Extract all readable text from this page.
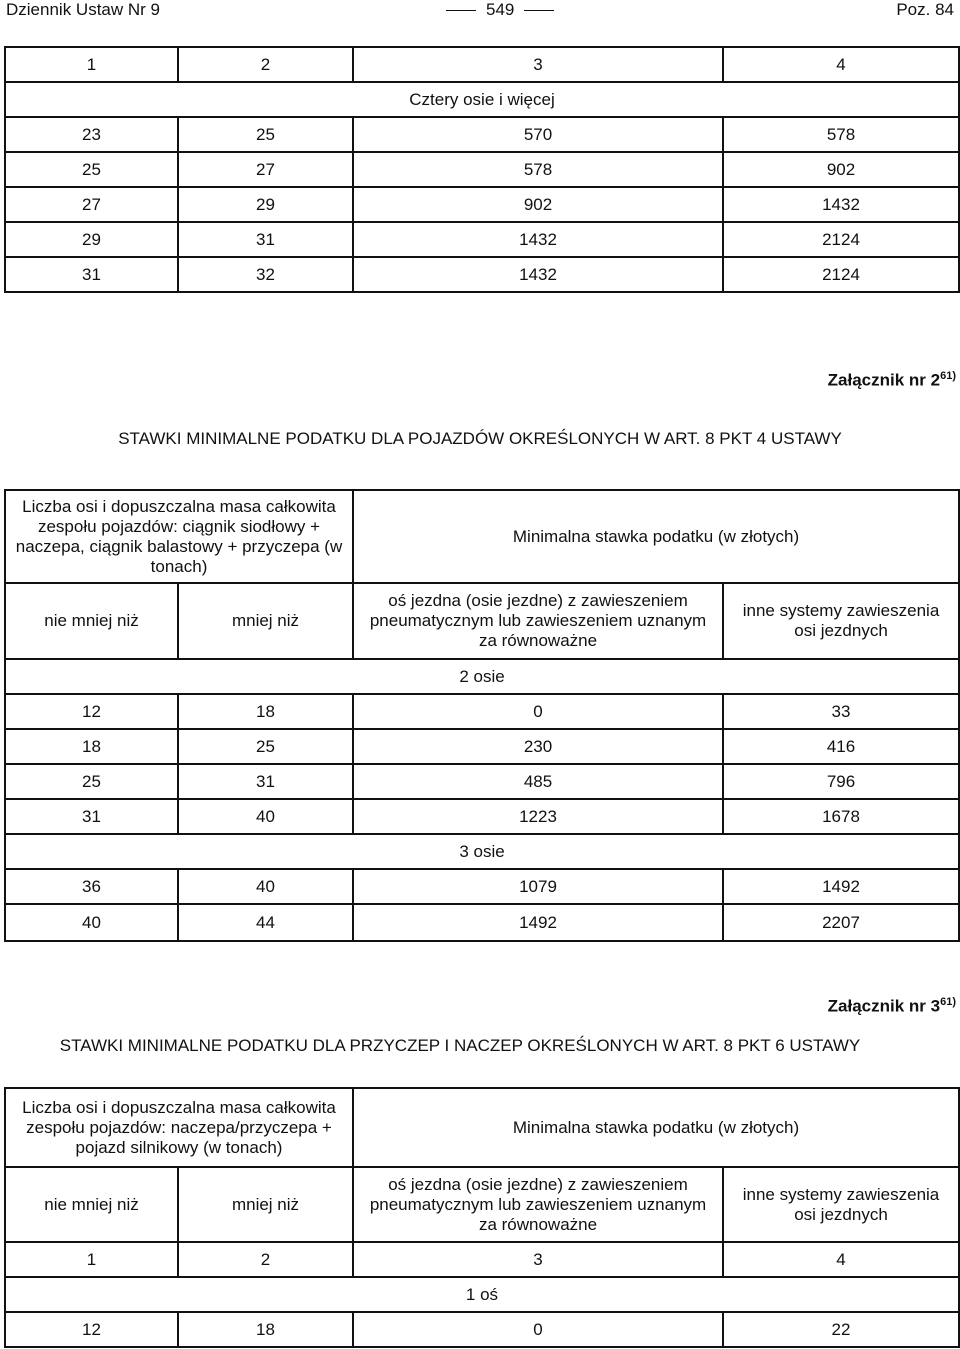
Dziennik Ustaw Nr 9	549	Poz. 84
1	2	3	4
Cztery osie i więcej			
23	25	570	578
25	27	578	902
27	29	902	1432
29	31	1432	2124
31	32	1432	2124
Załącznik nr 2$^{61)}$
STAWKI MINIMALNE PODATKU DLA POJAZDÓW OKREŚLONYCH W ART. 8 PKT 4 USTAWY
Liczba osi i dopuszczalna masa całkowita zespołu pojazdów: ciągnik siodłowy + naczepa, ciągnik balastowy + przyczepa (w tonach)		Minimalna stawka podatku (w złotych)	
nie mniej niż	mniej niż	oś jezdna (osie jezdne) z zawieszeniem pneumatycznym lub zawieszeniem uznanym za równoważne	inne systemy zawieszenia osi jezdnych
2 osie			
12	18	0	33
18	25	230	416
25	31	485	796
31	40	1223	1678
3 osie			
36	40	1079	1492
40	44	1492	2207
Załącznik nr 3$^{61)}$
STAWKI MINIMALNE PODATKU DLA PRZYCZEP I NACZEP OKREŚLONYCH W ART. 8 PKT 6 USTAWY
Liczba osi i dopuszczalna masa całkowita zespołu pojazdów: naczepa/przyczepa + pojazd silnikowy (w tonach)		Minimalna stawka podatku (w złotych)	
nie mniej niż	mniej niż	oś jezdna (osie jezdne) z zawieszeniem pneumatycznym lub zawieszeniem uznanym za równoważne	inne systemy zawieszenia osi jezdnych
1	2	3	4
1 oś			
12	18	0	22
